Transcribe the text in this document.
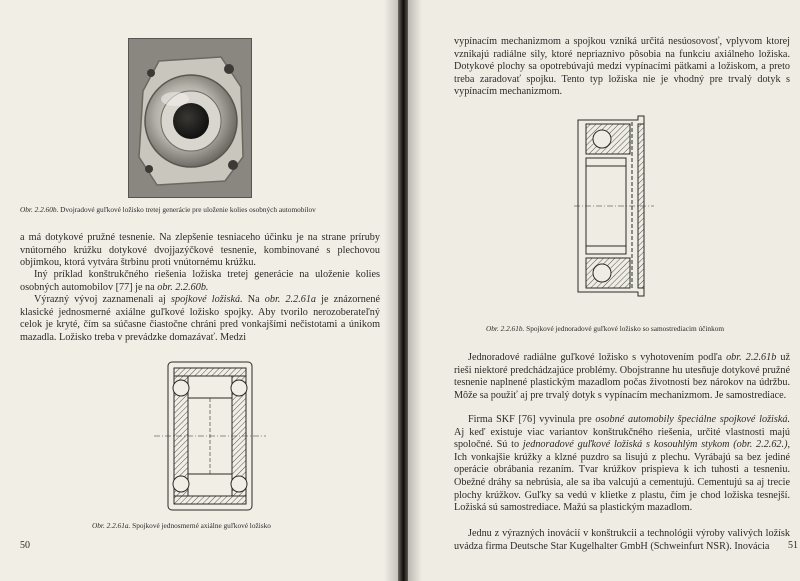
Obr. 2.2.60b. Dvojradové guľkové ložisko tretej generácie pre uloženie kolies osobných automobilov

a má dotykové pružné tesnenie. Na zlepšenie tesniaceho účinku je na strane príruby vnútorného krúžku dotykové dvojjazýčkové tesnenie, kombinované s plechovou objímkou, ktorá vytvára štrbinu proti vnútornému krúžku.

Iný príklad konštrukčného riešenia ložiska tretej generácie na uloženie kolies osobných automobilov [77] je na obr. 2.2.60b.

Výrazný vývoj zaznamenali aj spojkové ložiská. Na obr. 2.2.61a je znázornené klasické jednosmerné axiálne guľkové ložisko spojky. Aby tvorilo nerozoberateľný celok je kryté, čím sa súčasne čiastočne chráni pred vonkajšími nečistotami a únikom mazadla. Ložisko treba v prevádzke domazávať. Medzi

Obr. 2.2.61a. Spojkové jednosmerné axiálne guľkové ložisko

50

vypínacím mechanizmom a spojkou vzniká určitá nesúosovosť, vplyvom ktorej vznikajú radiálne sily, ktoré nepriaznivo pôsobia na funkciu axiálneho ložiska. Dotykové plochy sa opotrebúvajú medzi vypínacími pätkami a ložiskom, a preto treba zaradovať spojku. Tento typ ložiska nie je vhodný pre trvalý dotyk s vypínacím mechanizmom.

Obr. 2.2.61b. Spojkové jednoradové guľkové ložisko so samostrediacim účinkom

Jednoradové radiálne guľkové ložisko s vyhotovením podľa obr. 2.2.61b už rieši niektoré predchádzajúce problémy. Obojstranne hu utesňuje dotykové pružné tesnenie naplnené plastickým mazadlom počas životnosti bez nárokov na údržbu. Môže sa použiť aj pre trvalý dotyk s vypínacím mechanizmom. Je samostrediace.

Firma SKF [76] vyvinula pre osobné automobily špeciálne spojkové ložiská. Aj keď existuje viac variantov konštrukčného riešenia, určité vlastnosti majú spoločné. Sú to jednoradové guľkové ložiská s kosouhlým stykom (obr. 2.2.62.), Ich vonkajšie krúžky a klzné puzdro sa lisujú z plechu. Vyrábajú sa bez jediné operácie obrábania rezaním. Tvar krúžkov prispieva k ich tuhosti a tesneniu. Obežné dráhy sa nebrúsia, ale sa iba valcujú a cementujú. Cementujú sa aj trecie plochy krúžkov. Guľky sa vedú v klietke z plastu, čím je chod ložiska tesnejší. Ložiská sú samostrediace. Mažú sa plastickým mazadlom.

Jednu z výrazných inovácií v konštrukcii a technológii výroby valivých ložísk uvádza firma Deutsche Star Kugelhalter GmbH (Schweinfurt NSR). Inovácia	51
